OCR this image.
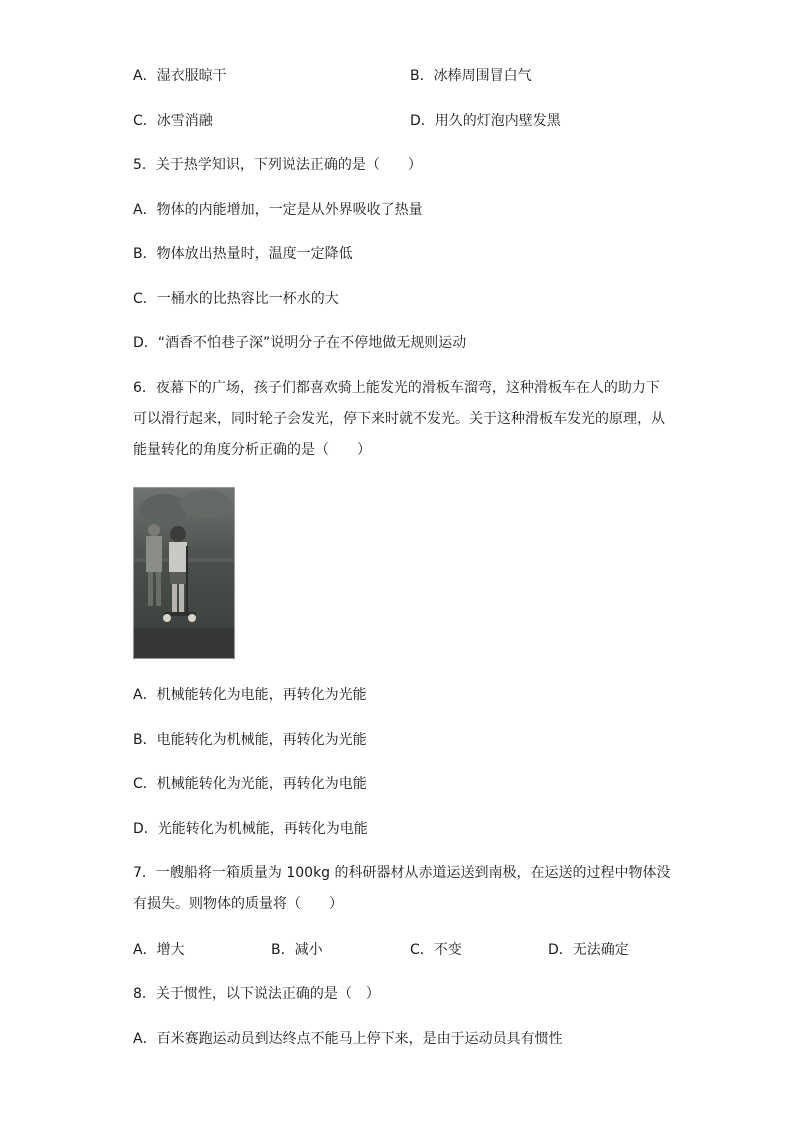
A．湿衣服晾干	B．冰棒周围冒白气
C．冰雪消融	D．用久的灯泡内壁发黑
5．关于热学知识，下列说法正确的是（　　）
A．物体的内能增加，一定是从外界吸收了热量
B．物体放出热量时，温度一定降低
C．一桶水的比热容比一杯水的大
D．“酒香不怕巷子深”说明分子在不停地做无规则运动
6．夜幕下的广场，孩子们都喜欢骑上能发光的滑板车溜弯，这种滑板车在人的助力下
可以滑行起来，同时轮子会发光，停下来时就不发光。关于这种滑板车发光的原理，从
能量转化的角度分析正确的是（　　）
A．机械能转化为电能，再转化为光能
B．电能转化为机械能，再转化为光能
C．机械能转化为光能，再转化为电能
D．光能转化为机械能，再转化为电能
7．一艘船将一箱质量为 100kg 的科研器材从赤道运送到南极，在运送的过程中物体没
有损失。则物体的质量将（　　）
A．增大	B．减小	C．不变	D．无法确定
8．关于惯性，以下说法正确的是（　）
A．百米赛跑运动员到达终点不能马上停下来，是由于运动员具有惯性
